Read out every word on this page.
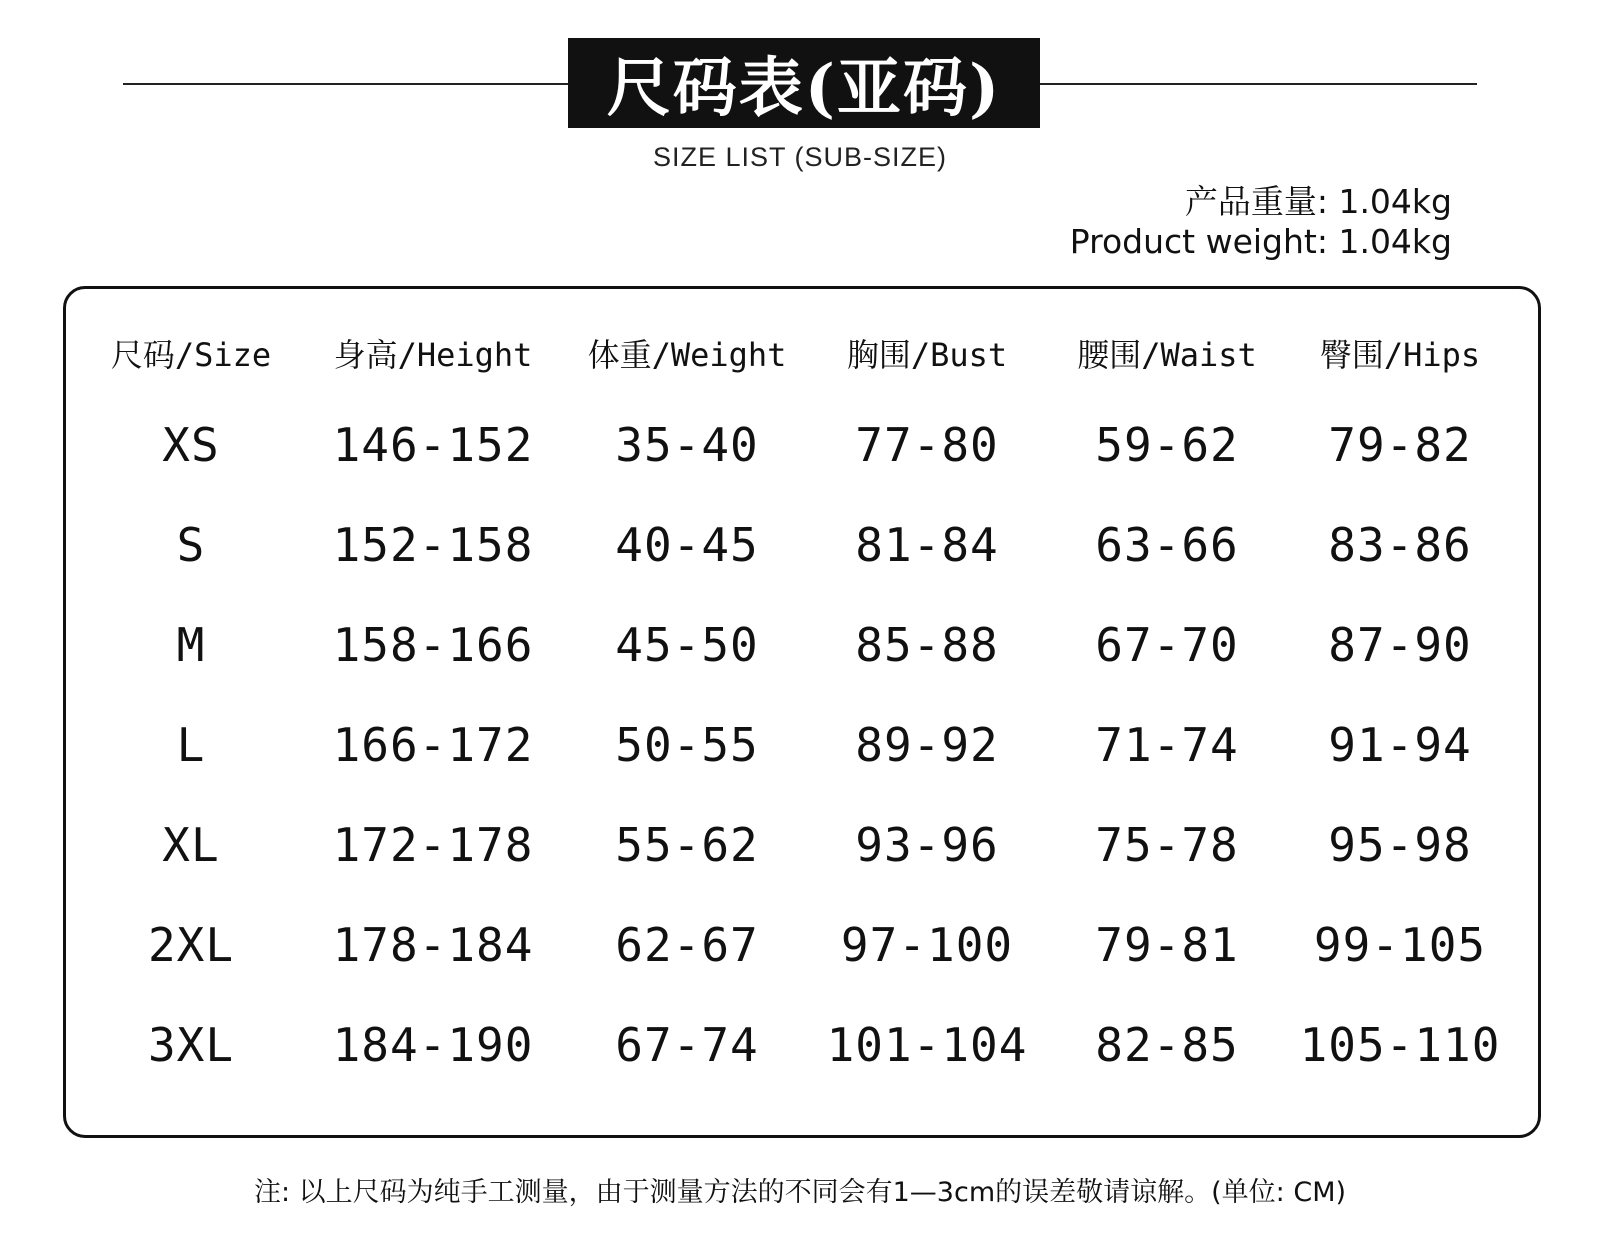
尺码表(亚码)
SIZE LIST (SUB-SIZE)
产品重量: 1.04kg
Product weight: 1.04kg
尺码/Size 身高/Height 体重/Weight 胸围/Bust 腰围/Waist 臀围/Hips
XS 146-152 35-40 77-80 59-62 79-82
S	152-158 40-45 81-84 63-66 83-86
M	158-166 45-50 85-88 67-70 87-90
L	166-172 50-55 89-92 71-74 91-94
XL 172-178 55-62 93-96 75-78 95-98
2XL 178-184 62-67 97-100 79-81 99-105
3XL 184-190 67-74 101-104 82-85 105-110
注: 以上尺码为纯手工测量，由于测量方法的不同会有1—3cm的误差敬请谅解。(单位: CM)
